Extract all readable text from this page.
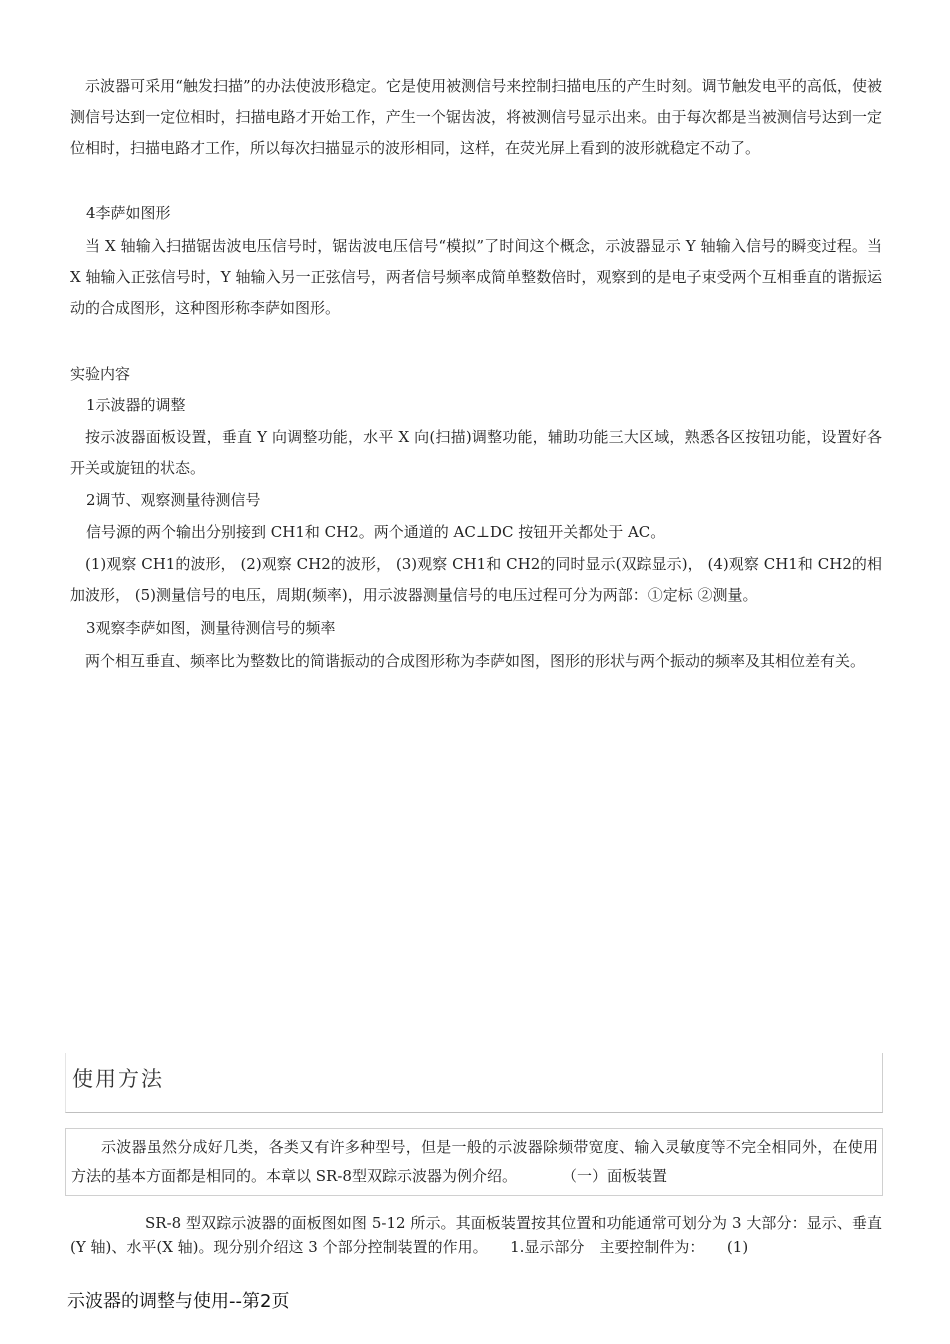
示波器可采用“触发扫描”的办法使波形稳定。它是使用被测信号来控制扫描电压的产生时刻。调节触发电平的高低，使被测信号达到一定位相时，扫描电路才开始工作，产生一个锯齿波，将被测信号显示出来。由于每次都是当被测信号达到一定位相时，扫描电路才工作，所以每次扫描显示的波形相同，这样，在荧光屏上看到的波形就稳定不动了。

4李萨如图形

当 X 轴输入扫描锯齿波电压信号时，锯齿波电压信号“模拟”了时间这个概念，示波器显示 Y 轴输入信号的瞬变过程。当 X 轴输入正弦信号时，Y 轴输入另一正弦信号，两者信号频率成简单整数倍时，观察到的是电子束受两个互相垂直的谐振运动的合成图形，这种图形称李萨如图形。

实验内容

1示波器的调整

按示波器面板设置，垂直 Y 向调整功能，水平 X 向(扫描)调整功能，辅助功能三大区域，熟悉各区按钮功能，设置好各开关或旋钮的状态。

2调节、观察测量待测信号

信号源的两个输出分别接到 CH1和 CH2。两个通道的 AC⊥DC 按钮开关都处于 AC。

(1)观察 CH1的波形， (2)观察 CH2的波形， (3)观察 CH1和 CH2的同时显示(双踪显示)， (4)观察 CH1和 CH2的相加波形， (5)测量信号的电压，周期(频率)，用示波器测量信号的电压过程可分为两部：①定标 ②测量。

3观察李萨如图，测量待测信号的频率

两个相互垂直、频率比为整数比的简谐振动的合成图形称为李萨如图，图形的形状与两个振动的频率及其相位差有关。

使用方法

示波器虽然分成好几类，各类又有许多种型号，但是一般的示波器除频带宽度、输入灵敏度等不完全相同外，在使用方法的基本方面都是相同的。本章以 SR-8型双踪示波器为例介绍。　　　　（一）面板装置

SR-8 型双踪示波器的面板图如图 5-12 所示。其面板装置按其位置和功能通常可划分为 3 大部分：显示、垂直(Y 轴)、水平(X 轴)。现分别介绍这 3 个部分控制装置的作用。　　1.显示部分　主要控制件为：　　(1)

示波器的调整与使用--第2页
